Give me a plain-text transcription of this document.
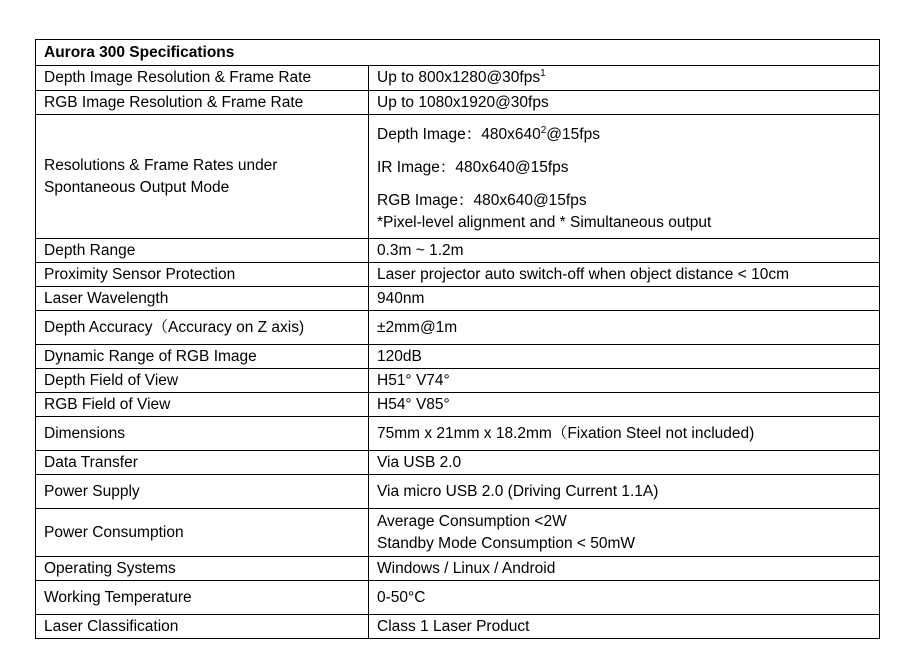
Aurora 300 Specifications	
Depth Image Resolution & Frame Rate	Up to 800x1280@30fps$^1$
RGB Image Resolution & Frame Rate	Up to 1080x1920@30fps
Resolutions & Frame Rates under Spontaneous Output Mode	Depth Image：$480x640^2@15fps$
IR Image：480x640@15fps
RGB Image：480x640@15fps
*Pixel-level alignment and * Simultaneous output

Depth Range	0.3m ~ 1.2m
Proximity Sensor Protection	Laser projector auto switch-off when object distance < 10cm
Laser Wavelength	940nm
Depth Accuracy（Accuracy on Z axis)	±2mm@1m
Dynamic Range of RGB Image	120dB
Depth Field of View	H51° V74°
RGB Field of View	H54° V85°
Dimensions	75mm x 21mm x 18.2mm（Fixation Steel not included)
Data Transfer	Via USB 2.0
Power Supply	Via micro USB 2.0 (Driving Current 1.1A)
Power Consumption	Average Consumption <2W
Standby Mode Consumption < 50mW

Operating Systems	Windows / Linux / Android
Working Temperature	0-50°C
Laser Classification	Class 1 Laser Product
